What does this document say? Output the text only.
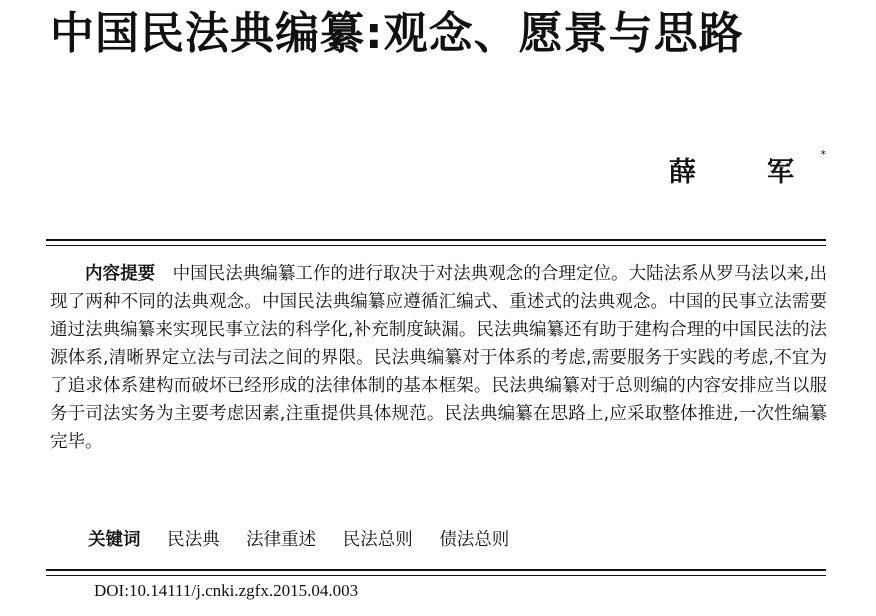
中国民法典编纂:观念、愿景与思路
薛　军
*

内容提要 中国民法典编纂工作的进行取决于对法典观念的合理定位。大陆法系从罗马法以来,出现了两种不同的法典观念。中国民法典编纂应遵循汇编式、重述式的法典观念。中国的民事立法需要通过法典编纂来实现民事立法的科学化,补充制度缺漏。民法典编纂还有助于建构合理的中国民法的法源体系,清晰界定立法与司法之间的界限。民法典编纂对于体系的考虑,需要服务于实践的考虑,不宜为了追求体系建构而破坏已经形成的法律体制的基本框架。民法典编纂对于总则编的内容安排应当以服务于司法实务为主要考虑因素,注重提供具体规范。民法典编纂在思路上,应采取整体推进,一次性编纂完毕。

关键词 民法典 法律重述 民法总则 债法总则
DOI:10.14111/j.cnki.zgfx.2015.04.003
